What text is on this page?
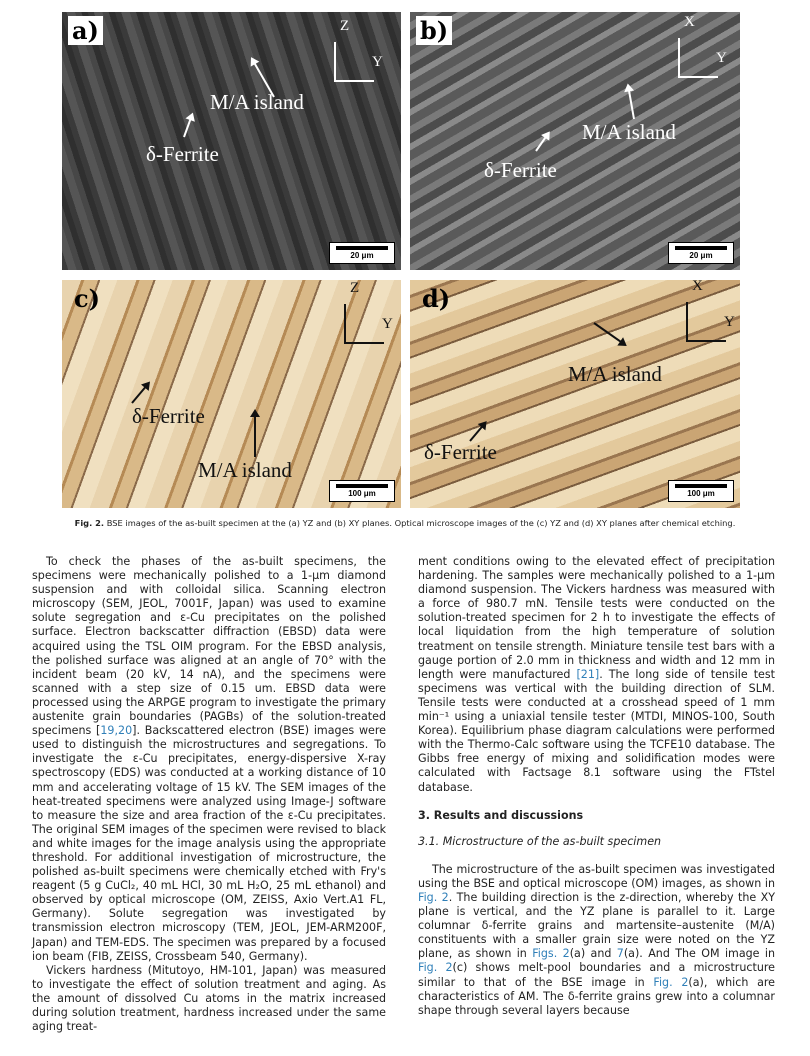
a)
M/A island
δ-Ferrite
Z
Y
20 μm
b)
M/A island
δ-Ferrite
X
Y
20 μm
c)
δ-Ferrite
M/A island
Z
Y
100 μm
d)
M/A island
δ-Ferrite
X
Y
100 μm
Fig. 2. BSE images of the as-built specimen at the (a) YZ and (b) XY planes. Optical microscope images of the (c) YZ and (d) XY planes after chemical etching.

To check the phases of the as-built specimens, the specimens were mechanically polished to a 1-μm diamond suspension and with colloidal silica. Scanning electron microscopy (SEM, JEOL, 7001F, Japan) was used to examine solute segregation and ε-Cu precipitates on the polished surface. Electron backscatter diffraction (EBSD) data were acquired using the TSL OIM program. For the EBSD analysis, the polished surface was aligned at an angle of 70° with the incident beam (20 kV, 14 nA), and the specimens were scanned with a step size of 0.15 um. EBSD data were processed using the ARPGE program to investigate the primary austenite grain boundaries (PAGBs) of the solution-treated specimens [19,20]. Backscattered electron (BSE) images were used to distinguish the microstructures and segregations. To investigate the ε-Cu precipitates, energy-dispersive X-ray spectroscopy (EDS) was conducted at a working distance of 10 mm and accelerating voltage of 15 kV. The SEM images of the heat-treated specimens were analyzed using Image-J software to measure the size and area fraction of the ε-Cu precipitates. The original SEM images of the specimen were revised to black and white images for the image analysis using the appropriate threshold. For additional investigation of microstructure, the polished as-built specimens were chemically etched with Fry's reagent (5 g CuCl₂, 40 mL HCl, 30 mL H₂O, 25 mL ethanol) and observed by optical microscope (OM, ZEISS, Axio Vert.A1 FL, Germany). Solute segregation was investigated by transmission electron microscopy (TEM, JEOL, JEM-ARM200F, Japan) and TEM-EDS. The specimen was prepared by a focused ion beam (FIB, ZEISS, Crossbeam 540, Germany).

Vickers hardness (Mitutoyo, HM-101, Japan) was measured to investigate the effect of solution treatment and aging. As the amount of dissolved Cu atoms in the matrix increased during solution treatment, hardness increased under the same aging treat-

ment conditions owing to the elevated effect of precipitation hardening. The samples were mechanically polished to a 1-μm diamond suspension. The Vickers hardness was measured with a force of 980.7 mN. Tensile tests were conducted on the solution-treated specimen for 2 h to investigate the effects of local liquidation from the high temperature of solution treatment on tensile strength. Miniature tensile test bars with a gauge portion of 2.0 mm in thickness and width and 12 mm in length were manufactured [21]. The long side of tensile test specimens was vertical with the building direction of SLM. Tensile tests were conducted at a crosshead speed of 1 mm min⁻¹ using a uniaxial tensile tester (MTDI, MINOS-100, South Korea). Equilibrium phase diagram calculations were performed with the Thermo-Calc software using the TCFE10 database. The Gibbs free energy of mixing and solidification modes were calculated with Factsage 8.1 software using the FTstel database.

3. Results and discussions
3.1. Microstructure of the as-built specimen

The microstructure of the as-built specimen was investigated using the BSE and optical microscope (OM) images, as shown in Fig. 2. The building direction is the z-direction, whereby the XY plane is vertical, and the YZ plane is parallel to it. Large columnar δ-ferrite grains and martensite–austenite (M/A) constituents with a smaller grain size were noted on the YZ plane, as shown in Figs. 2(a) and 7(a). And The OM image in Fig. 2(c) shows melt-pool boundaries and a microstructure similar to that of the BSE image in Fig. 2(a), which are characteristics of AM. The δ-ferrite grains grew into a columnar shape through several layers because
